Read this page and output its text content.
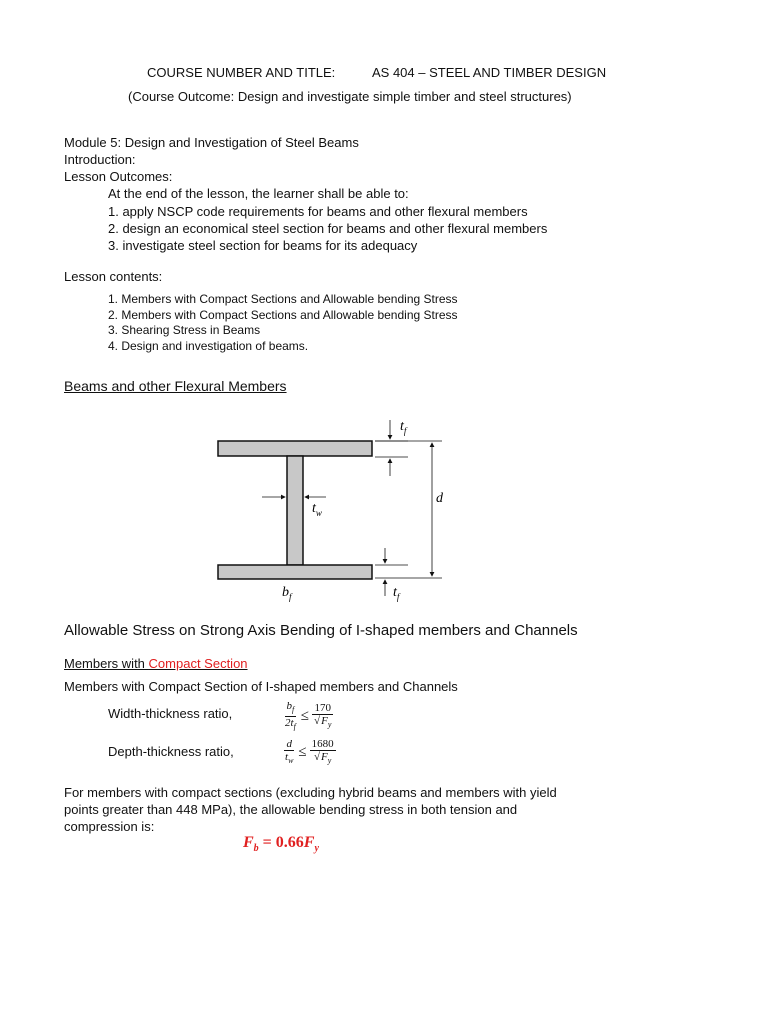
COURSE NUMBER AND TITLE:	AS 404 – STEEL AND TIMBER DESIGN
(Course Outcome: Design and investigate simple timber and steel structures)
Module 5: Design and Investigation of Steel Beams
Introduction:
Lesson Outcomes:
At the end of the lesson, the learner shall be able to:
1. apply NSCP code requirements for beams and other flexural members
2. design an economical steel section for beams and other flexural members
3. investigate steel section for beams for its adequacy
Lesson contents:
1. Members with Compact Sections and Allowable bending Stress
2. Members with Compact Sections and Allowable bending Stress
3. Shearing Stress in Beams
4. Design and investigation of beams.
Beams and other Flexural Members
$t_f$
d
$t_w$
$b_f$	$t_f$
Allowable Stress on Strong Axis Bending of I-shaped members and Channels
Members with Compact Section
Members with Compact Section of I-shaped members and Channels
Width-thickness ratio,	$\frac{b_f}{2t_f} \le \frac{170}{√F_y}$
Depth-thickness ratio,	$\frac{d}{t_w} \le \frac{1680}{√F_y}$
For members with compact sections (excluding hybrid beams and members with yield
points greater than 448 MPa), the allowable bending stress in both tension and
compression is:
$F_b = 0.66F_y$
